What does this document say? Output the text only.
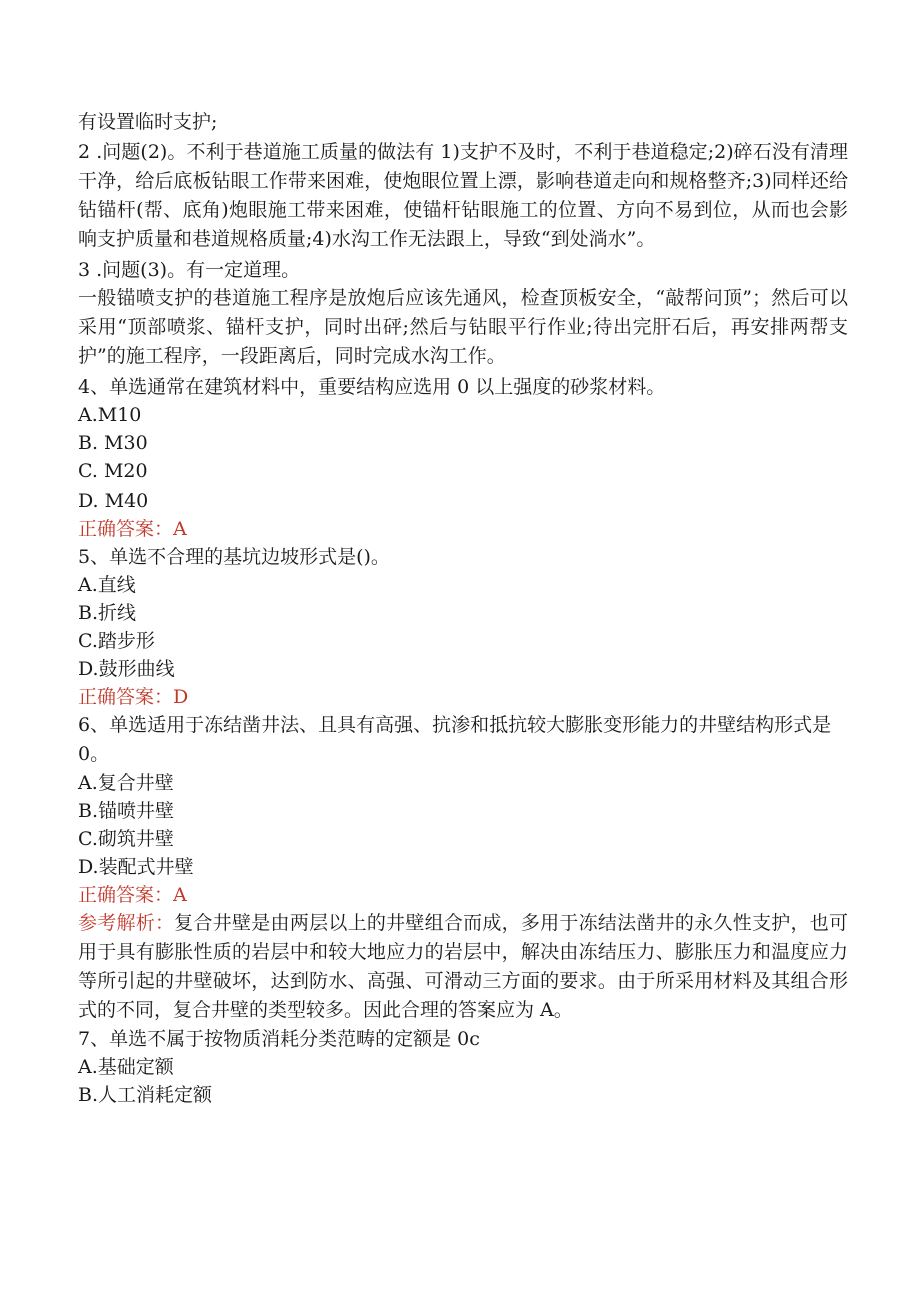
有设置临时支护;
2 .问题(2)。不利于巷道施工质量的做法有 1)支护不及时，不利于巷道稳定;2)碎石没有清理干净，给后底板钻眼工作带来困难，使炮眼位置上漂，影响巷道走向和规格整齐;3)同样还给钻锚杆(帮、底角)炮眼施工带来困难，使锚杆钻眼施工的位置、方向不易到位，从而也会影响支护质量和巷道规格质量;4)水沟工作无法跟上，导致“到处淌水”。
3 .问题(3)。有一定道理。
一般锚喷支护的巷道施工程序是放炮后应该先通风，检查顶板安全，“敲帮问顶”；然后可以采用“顶部喷浆、锚杆支护，同时出砰;然后与钻眼平行作业;待出完肝石后，再安排两帮支护”的施工程序，一段距离后，同时完成水沟工作。
4、单选通常在建筑材料中，重要结构应选用 0 以上强度的砂浆材料。
A.M10
B. M30
C. M20
D. M40
正确答案：A
5、单选不合理的基坑边坡形式是()。
A.直线
B.折线
C.踏步形
D.鼓形曲线
正确答案：D
6、单选适用于冻结凿井法、且具有高强、抗渗和抵抗较大膨胀变形能力的井壁结构形式是 0。
A.复合井壁
B.锚喷井壁
C.砌筑井壁
D.装配式井壁
正确答案：A
参考解析：复合井壁是由两层以上的井壁组合而成，多用于冻结法凿井的永久性支护，也可用于具有膨胀性质的岩层中和较大地应力的岩层中，解决由冻结压力、膨胀压力和温度应力等所引起的井壁破坏，达到防水、高强、可滑动三方面的要求。由于所采用材料及其组合形式的不同，复合井壁的类型较多。因此合理的答案应为 A。
7、单选不属于按物质消耗分类范畴的定额是 0c
A.基础定额
B.人工消耗定额
